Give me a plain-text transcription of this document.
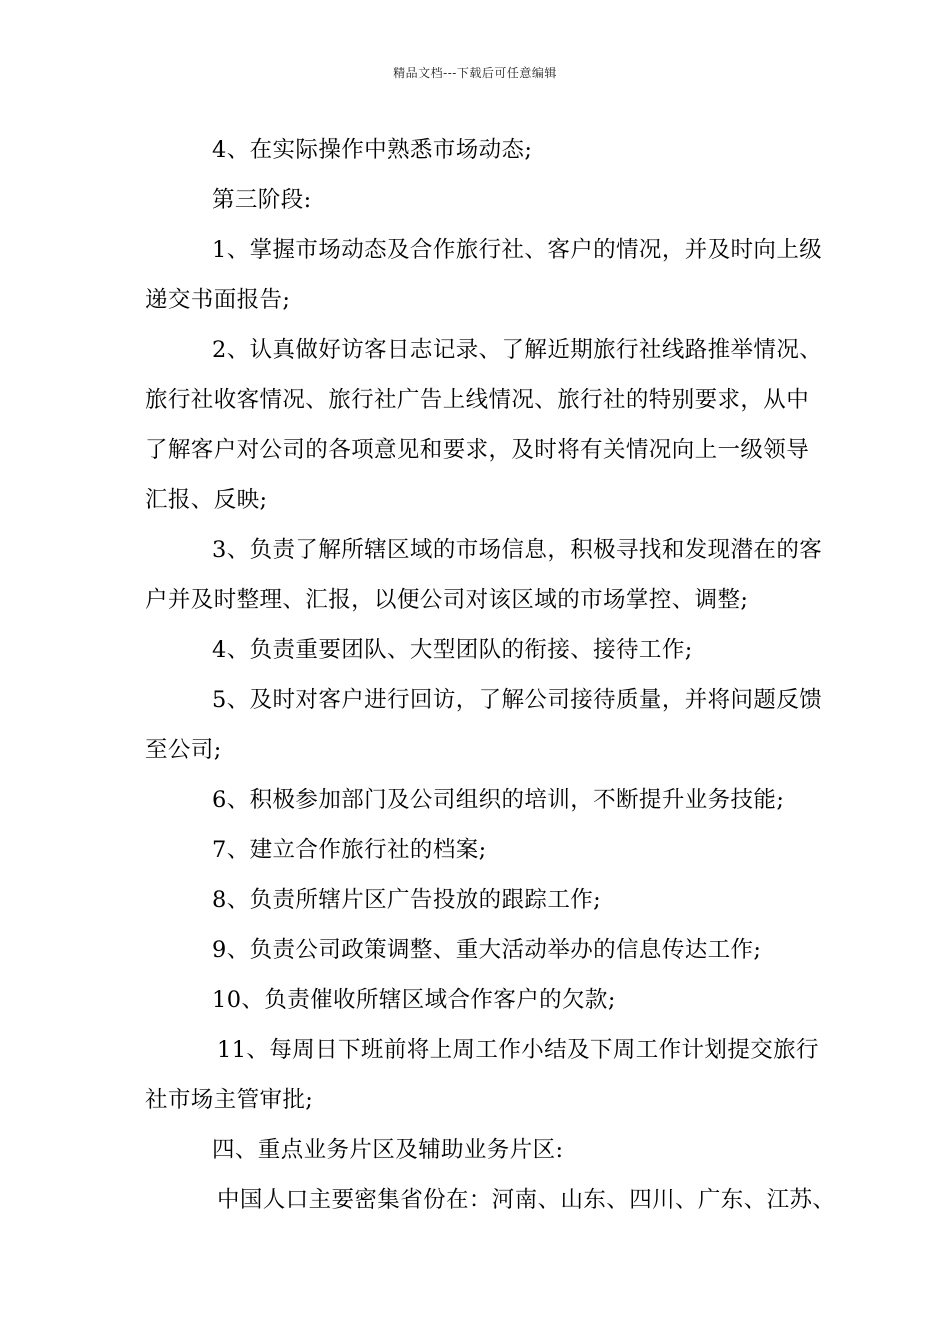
精品文档---下载后可任意编辑
4、在实际操作中熟悉市场动态;
第三阶段:
1、掌握市场动态及合作旅行社、客户的情况，并及时向上级
递交书面报告;
2、认真做好访客日志记录、了解近期旅行社线路推举情况、
旅行社收客情况、旅行社广告上线情况、旅行社的特别要求，从中
了解客户对公司的各项意见和要求，及时将有关情况向上一级领导
汇报、反映;
3、负责了解所辖区域的市场信息，积极寻找和发现潜在的客
户并及时整理、汇报，以便公司对该区域的市场掌控、调整;
4、负责重要团队、大型团队的衔接、接待工作;
5、及时对客户进行回访，了解公司接待质量，并将问题反馈
至公司;
6、积极参加部门及公司组织的培训，不断提升业务技能;
7、建立合作旅行社的档案;
8、负责所辖片区广告投放的跟踪工作;
9、负责公司政策调整、重大活动举办的信息传达工作;
10、负责催收所辖区域合作客户的欠款;
11、每周日下班前将上周工作小结及下周工作计划提交旅行
社市场主管审批;
四、重点业务片区及辅助业务片区:
中国人口主要密集省份在：河南、山东、四川、广东、江苏、
